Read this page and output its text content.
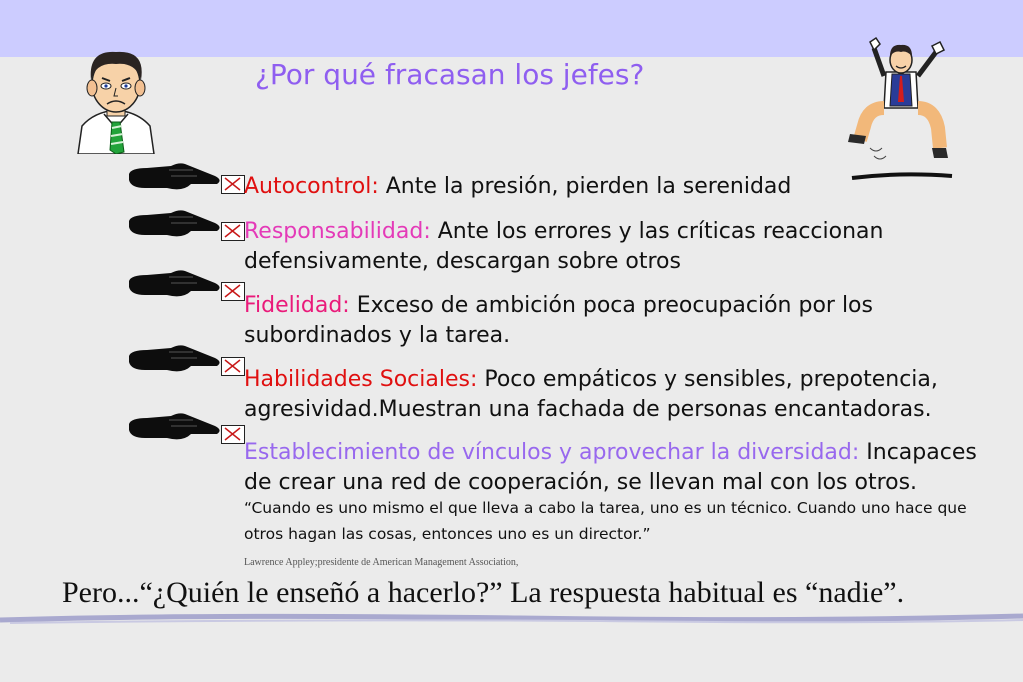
¿Por qué fracasan los jefes?
Autocontrol: Ante la presión, pierden la serenidad
Responsabilidad: Ante los errores y las críticas reaccionan defensivamente, descargan sobre otros
Fidelidad: Exceso de ambición poca preocupación por los subordinados y la tarea.
Habilidades Sociales: Poco empáticos y sensibles, prepotencia, agresividad.Muestran una fachada de personas encantadoras.
Establecimiento de vínculos y aprovechar la diversidad: Incapaces de crear una red de cooperación, se llevan mal con los otros.
“Cuando es uno mismo el que lleva a cabo la tarea, uno es un técnico. Cuando uno hace que otros hagan las cosas, entonces uno es un director.”
Lawrence Appley;presidente de American Management Association,
Pero...“¿Quién le enseñó a hacerlo?” La respuesta habitual es “nadie”.
